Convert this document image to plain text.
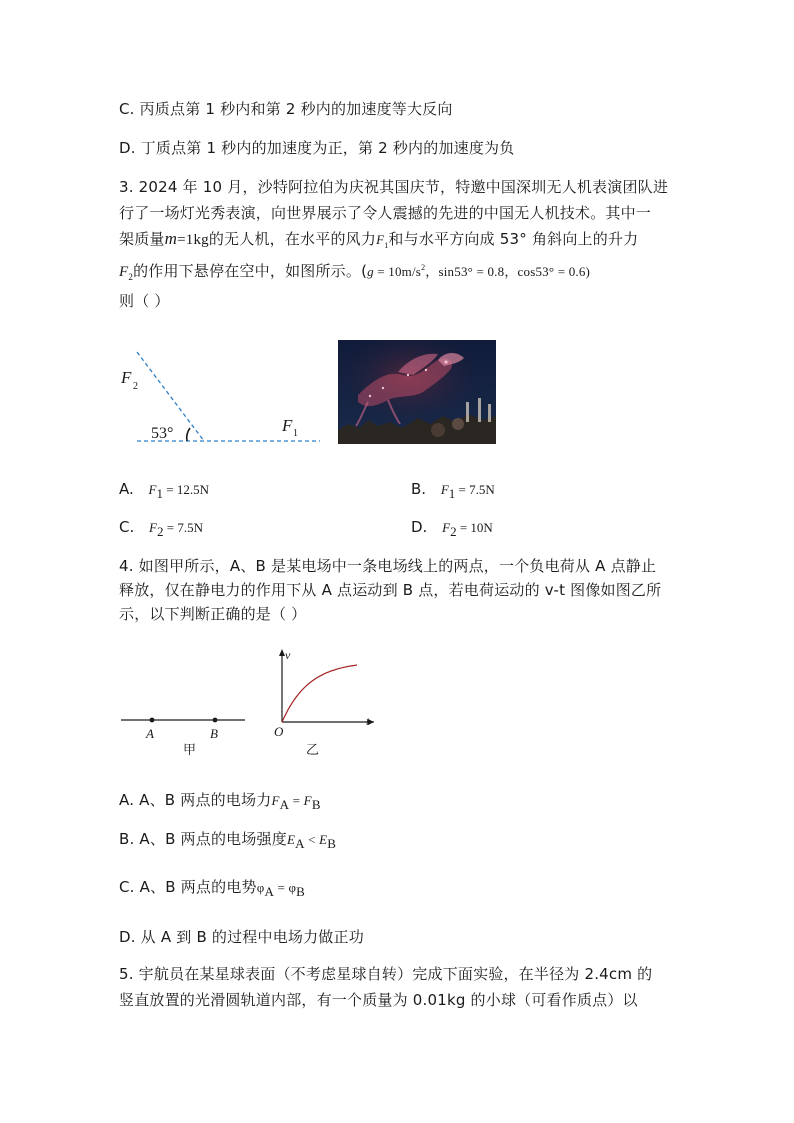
C. 丙质点第 1 秒内和第 2 秒内的加速度等大反向
D. 丁质点第 1 秒内的加速度为正，第 2 秒内的加速度为负
3. 2024 年 10 月，沙特阿拉伯为庆祝其国庆节，特邀中国深圳无人机表演团队进
行了一场灯光秀表演，向世界展示了令人震撼的先进的中国无人机技术。其中一
架质量m=1kg的无人机，在水平的风力$F_1$和与水平方向成 53° 角斜向上的升力
$F_2$的作用下悬停在空中，如图所示。($g = 10m/s^2$，sin53° = 0.8，cos53° = 0.6)
则（ ）
F 2
53°	F 1
A. $F_1 = 12.5N$	B. $F_1 = 7.5N$
C. $F_2 = 7.5N$	D. $F_2 = 10N$
4. 如图甲所示，A、B 是某电场中一条电场线上的两点，一个负电荷从 A 点静止
释放，仅在静电力的作用下从 A 点运动到 B 点，若电荷运动的 v-t 图像如图乙所
示，以下判断正确的是（ ）
A	B
甲
v
t
O
乙
A. A、B 两点的电场力$F_A = F_B$
B. A、B 两点的电场强度$E_A < E_B$
C. A、B 两点的电势$\varphi_A = \varphi_B$
D. 从 A 到 B 的过程中电场力做正功
5. 宇航员在某星球表面（不考虑星球自转）完成下面实验，在半径为 2.4cm 的
竖直放置的光滑圆轨道内部，有一个质量为 0.01kg 的小球（可看作质点）以
